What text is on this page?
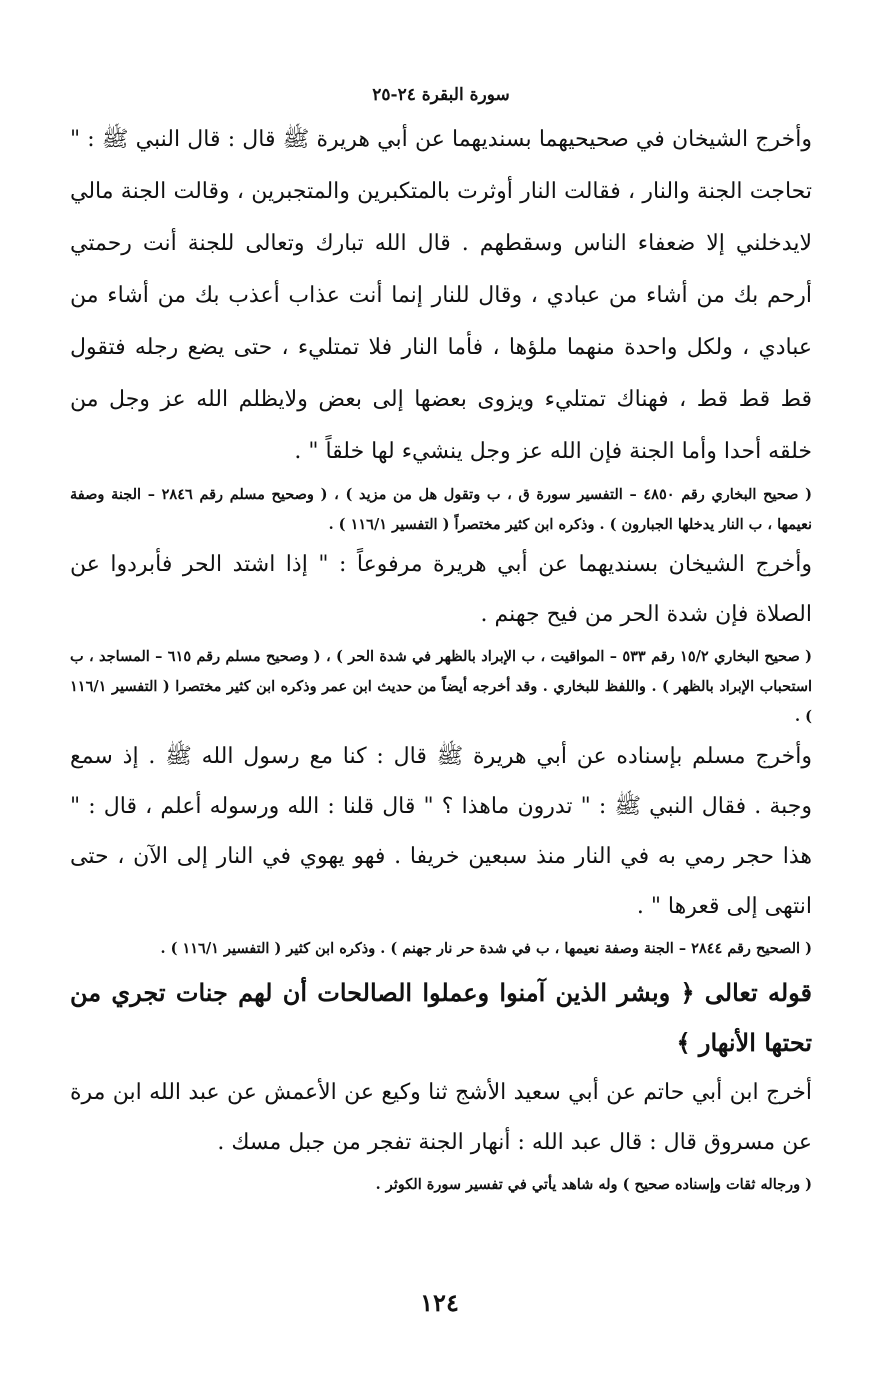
سورة البقرة ٢٤-٢٥

وأخرج الشيخان في صحيحيهما بسنديهما عن أبي هريرة ﷺ قال : قال النبي ﷺ : " تحاجت الجنة والنار ، فقالت النار أوثرت بالمتكبرين والمتجبرين ، وقالت الجنة مالي لايدخلني إلا ضعفاء الناس وسقطهم . قال الله تبارك وتعالى للجنة أنت رحمتي أرحم بك من أشاء من عبادي ، وقال للنار إنما أنت عذاب أعذب بك من أشاء من عبادي ، ولكل واحدة منهما ملؤها ، فأما النار فلا تمتليء ، حتى يضع رجله فتقول قط قط قط ، فهناك تمتليء ويزوى بعضها إلى بعض ولايظلم الله عز وجل من خلقه أحدا وأما الجنة فإن الله عز وجل ينشيء لها خلقاً " .

( صحيح البخاري رقم ٤٨٥٠ – التفسير سورة ق ، ب وتقول هل من مزيد ) ، ( وصحيح مسلم رقم ٢٨٤٦ – الجنة وصفة نعيمها ، ب النار يدخلها الجبارون ) . وذكره ابن كثير مختصراً ( التفسير ١١٦/١ ) .

وأخرج الشيخان بسنديهما عن أبي هريرة مرفوعاً : " إذا اشتد الحر فأبردوا عن الصلاة فإن شدة الحر من فيح جهنم .

( صحيح البخاري ١٥/٢ رقم ٥٣٣ – المواقيت ، ب الإبراد بالظهر في شدة الحر ) ، ( وصحيح مسلم رقم ٦١٥ – المساجد ، ب استحباب الإبراد بالظهر ) . واللفظ للبخاري . وقد أخرجه أيضاً من حديث ابن عمر وذكره ابن كثير مختصرا ( التفسير ١١٦/١ ) .

وأخرج مسلم بإسناده عن أبي هريرة ﷺ قال : كنا مع رسول الله ﷺ . إذ سمع وجبة . فقال النبي ﷺ : " تدرون ماهذا ؟ " قال قلنا : الله ورسوله أعلم ، قال : " هذا حجر رمي به في النار منذ سبعين خريفا . فهو يهوي في النار إلى الآن ، حتى انتهى إلى قعرها " .

( الصحيح رقم ٢٨٤٤ – الجنة وصفة نعيمها ، ب في شدة حر نار جهنم ) . وذكره ابن كثير ( التفسير ١١٦/١ ) .

قوله تعالى ﴿ وبشر الذين آمنوا وعملوا الصالحات أن لهم جنات تجري من تحتها الأنهار ﴾

أخرج ابن أبي حاتم عن أبي سعيد الأشج ثنا وكيع عن الأعمش عن عبد الله ابن مرة عن مسروق قال : قال عبد الله : أنهار الجنة تفجر من جبل مسك .

( ورجاله ثقات وإسناده صحيح ) وله شاهد يأتي في تفسير سورة الكوثر .

١٢٤
